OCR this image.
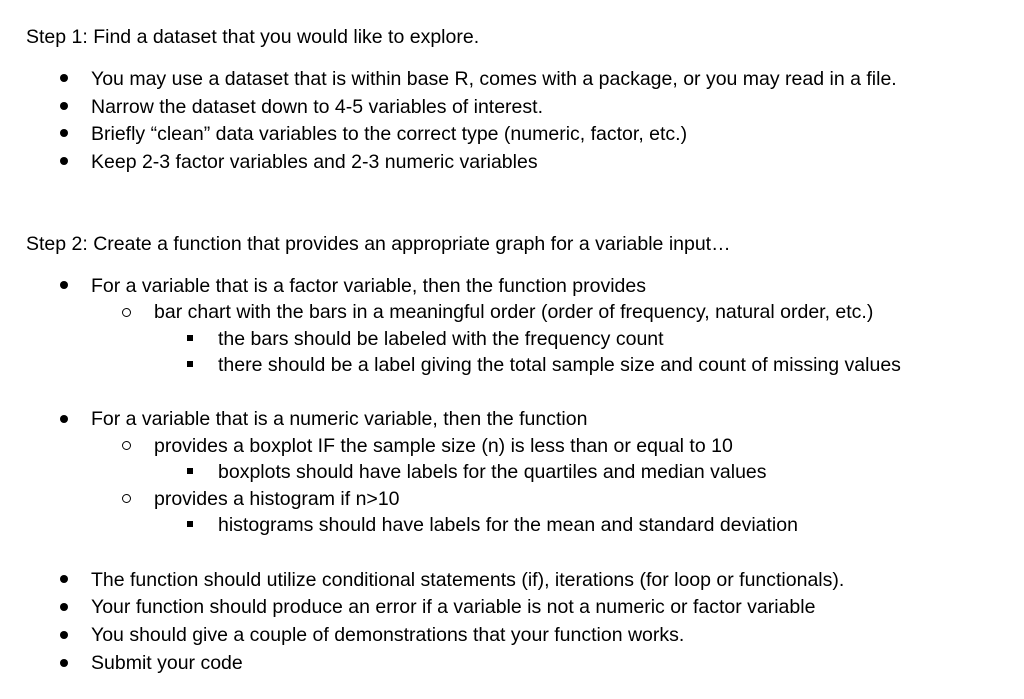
Step 1: Find a dataset that you would like to explore.
You may use a dataset that is within base R, comes with a package, or you may read in a file.
Narrow the dataset down to 4-5 variables of interest.
Briefly “clean” data variables to the correct type (numeric, factor, etc.)
Keep 2-3 factor variables and 2-3 numeric variables
Step 2: Create a function that provides an appropriate graph for a variable input…
For a variable that is a factor variable, then the function provides
bar chart with the bars in a meaningful order (order of frequency, natural order, etc.)
the bars should be labeled with the frequency count
there should be a label giving the total sample size and count of missing values
For a variable that is a numeric variable, then the function
provides a boxplot IF the sample size (n) is less than or equal to 10
boxplots should have labels for the quartiles and median values
provides a histogram if n>10
histograms should have labels for the mean and standard deviation
The function should utilize conditional statements (if), iterations (for loop or functionals).
Your function should produce an error if a variable is not a numeric or factor variable
You should give a couple of demonstrations that your function works.
Submit your code
